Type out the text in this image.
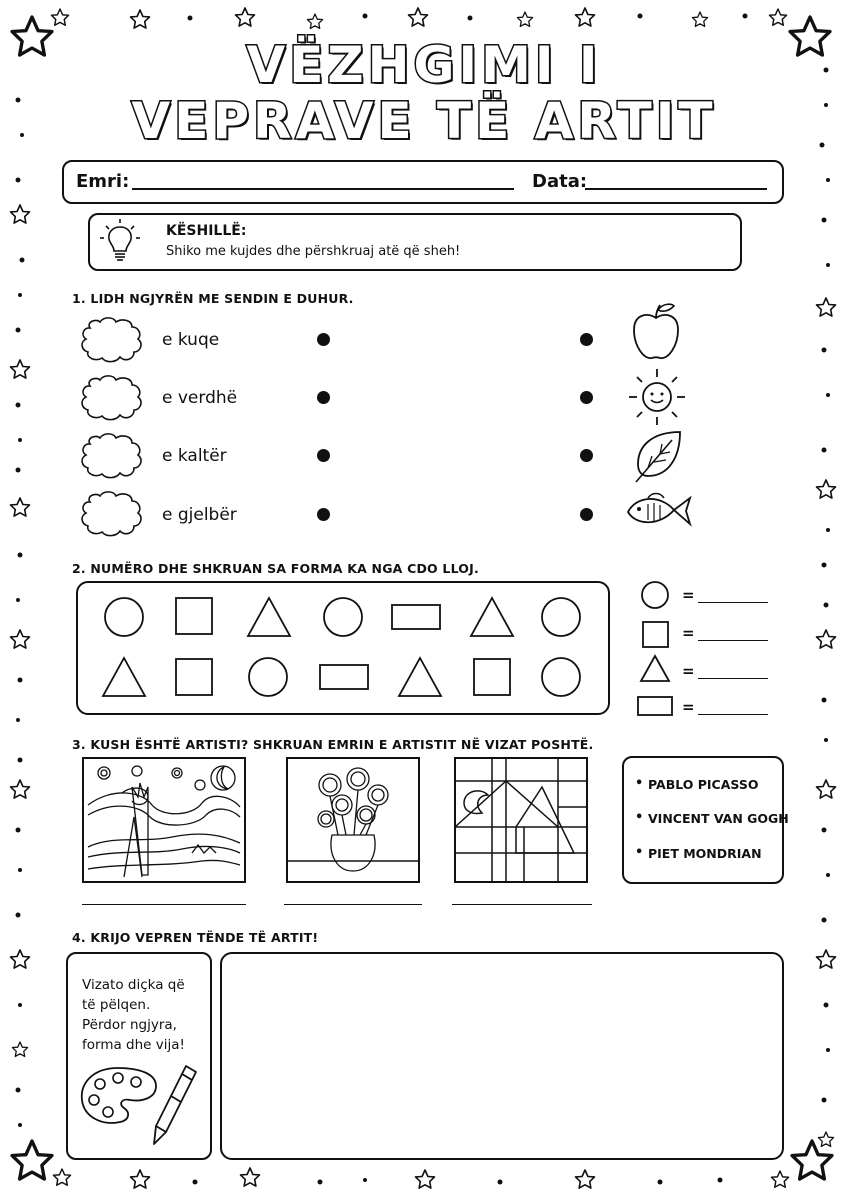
VËZHGIMI I
VEPRAVE TË ARTIT
Emri:	Data:
KËSHILLË:
Shiko me kujdes dhe përshkruaj atë që sheh!
1. LIDH NGJYRËN ME SENDIN E DUHUR.
e kuqe
e verdhë
e kaltër
e gjelbër
2. NUMËRO DHE SHKRUAN SA FORMA KA NGA CDO LLOJ.
=
=
=
=
3. KUSH ËSHTË ARTISTI? SHKRUAN EMRIN E ARTISTIT NË VIZAT POSHTË.
• PABLO PICASSO
• VINCENT VAN GOGH
• PIET MONDRIAN
4. KRIJO VEPREN TËNDE TË ARTIT!
Vizato diçka që
të pëlqen.
Përdor ngjyra,
forma dhe vija!
